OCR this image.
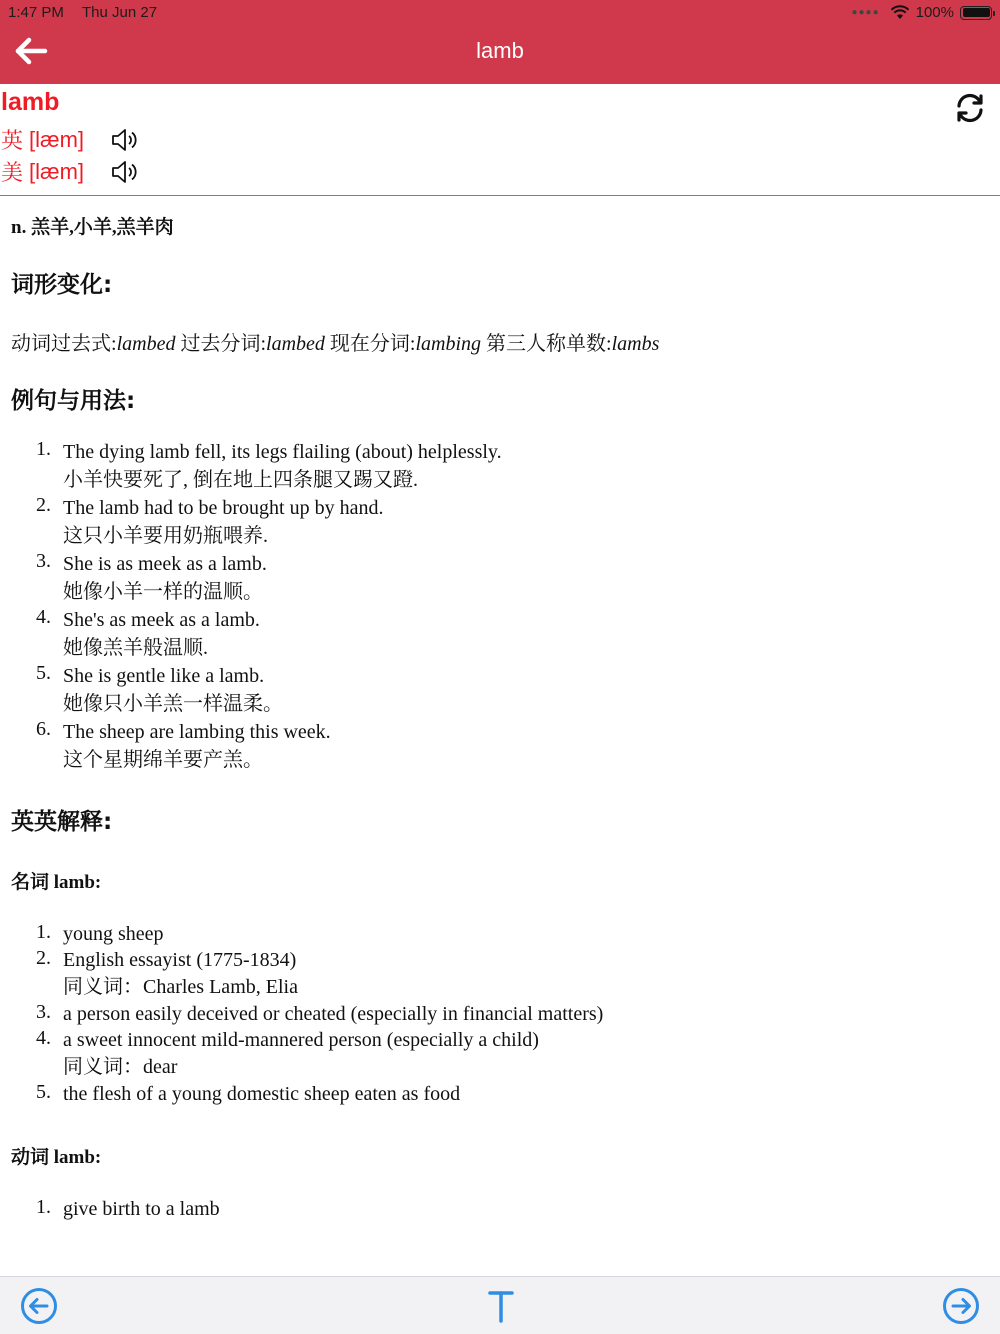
1:47 PM Thu Jun 27	●●●● 100%
lamb
lamb
英 [læm]
美 [læm]
n. 羔羊,小羊,羔羊肉
词形变化:
动词过去式:lambed 过去分词:lambed 现在分词:lambing 第三人称单数:lambs
例句与用法:
1. The dying lamb fell, its legs flailing (about) helplessly.
小羊快要死了, 倒在地上四条腿又踢又蹬.
2. The lamb had to be brought up by hand.
这只小羊要用奶瓶喂养.
3. She is as meek as a lamb.
她像小羊一样的温顺。
4. She's as meek as a lamb.
她像羔羊般温顺.
5. She is gentle like a lamb.
她像只小羊羔一样温柔。
6. The sheep are lambing this week.
这个星期绵羊要产羔。
英英解释:
名词 lamb:
1. young sheep
2. English essayist (1775-1834)
同义词：Charles Lamb, Elia
3. a person easily deceived or cheated (especially in financial matters)
4. a sweet innocent mild-mannered person (especially a child)
同义词：dear
5. the flesh of a young domestic sheep eaten as food
动词 lamb:
1. give birth to a lamb
